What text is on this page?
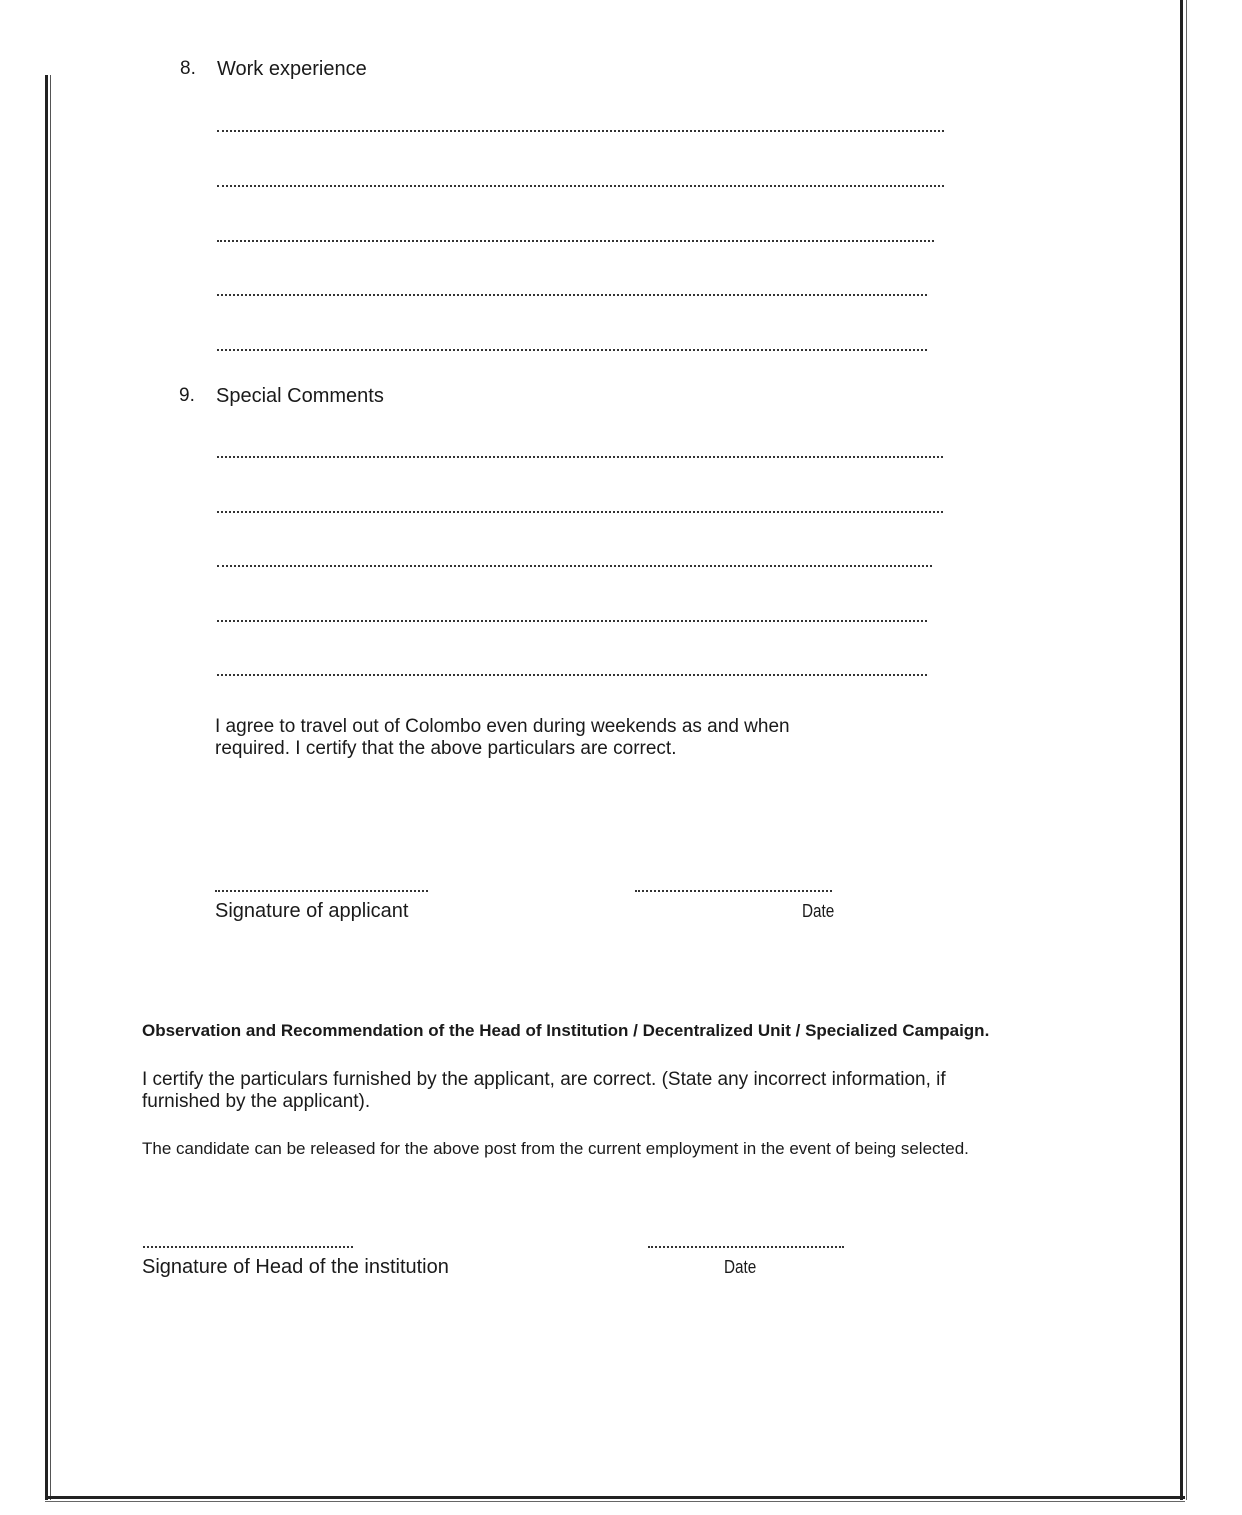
8. Work experience
9. Special Comments
I agree to travel out of Colombo even during weekends as and when required. I certify that the above particulars are correct.
Signature of applicant	Date
Observation and Recommendation of the Head of Institution / Decentralized Unit / Specialized Campaign.
I certify the particulars furnished by the applicant, are correct. (State any incorrect information, if furnished by the applicant).
The candidate can be released for the above post from the current employment in the event of being selected.
Signature of Head of the institution	Date
